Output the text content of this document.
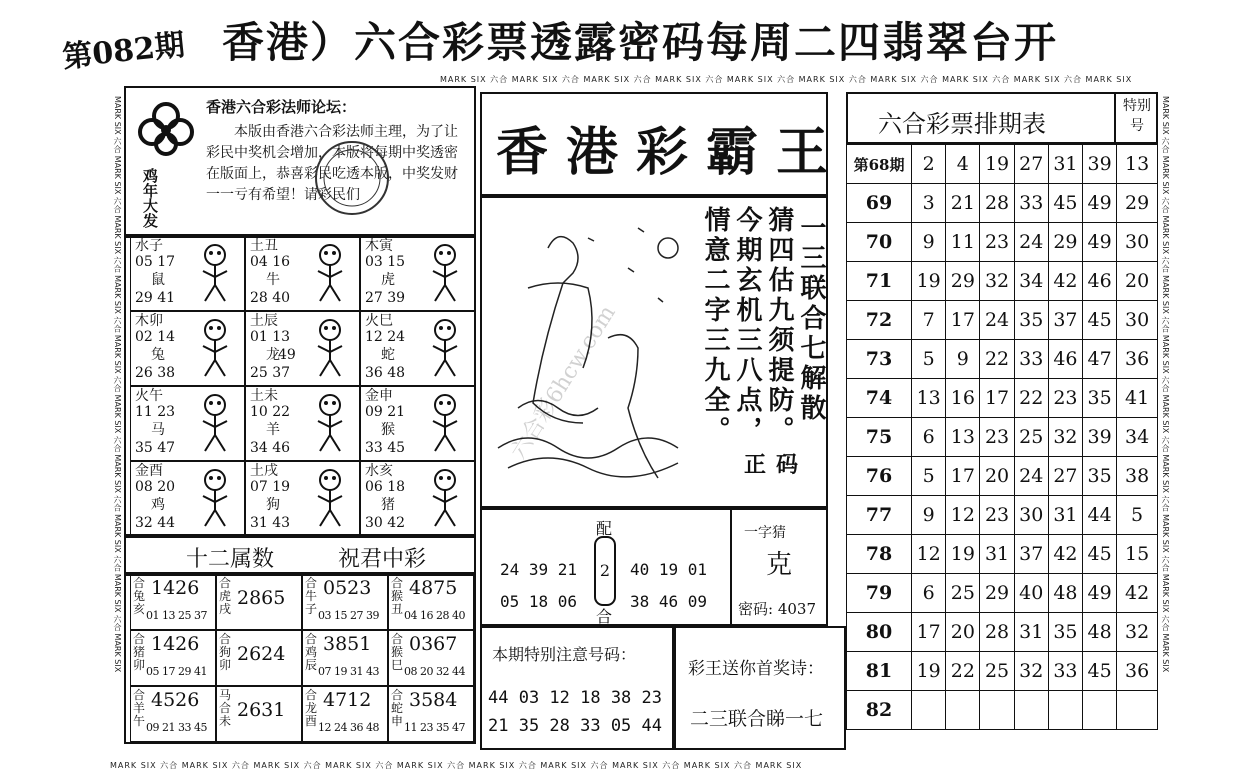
第082期 香港）六合彩票透露密码每周二四翡翠台开
MARK SIX 六合 MARK SIX 六合 MARK SIX 六合 MARK SIX 六合 MARK SIX 六合 MARK SIX 六合 MARK SIX 六合 MARK SIX 六合 MARK SIX 六合 MARK SIX
MARK SIX 六合 MARK SIX 六合 MARK SIX 六合 MARK SIX 六合 MARK SIX 六合 MARK SIX 六合 MARK SIX 六合 MARK SIX 六合 MARK SIX 六合 MARK SIX
MARK SIX 六合 MARK SIX 六合 MARK SIX 六合 MARK SIX 六合 MARK SIX 六合 MARK SIX 六合 MARK SIX 六合 MARK SIX 六合 MARK SIX 六合 MARK SIX	MARK SIX 六合 MARK SIX 六合 MARK SIX 六合 MARK SIX 六合 MARK SIX 六合 MARK SIX 六合 MARK SIX 六合 MARK SIX 六合 MARK SIX 六合 MARK SIX
鸡年大发
香港六合彩法师论坛：
本版由香港六合彩法师主理，为了让彩民中奖机会增加，本版将每期中奖透密在版面上，恭喜彩民吃透本版，中奖发财一一亏有希望！请彩民们
水子
05 17
鼠
29 41
土丑
04 16
牛
28 40
木寅
03 15
虎
27 39
木卯
02 14
兔
26 38
土辰
01 13
龙
25 37
49
火巳
12 24
蛇
36 48
火午
11 23
马
35 47
土未
10 22
羊
34 46
金申
09 21
猴
33 45
金酉
08 20
鸡
32 44
土戌
07 19
狗
31 43
水亥
06 18
猪
30 42
十二属数	祝君中彩
合兔亥
1426
01 13 25 37
合虎戌 2865
合牛子
0523
03 15 27 39
合猴丑
4875
04 16 28 40
合猪卯
1426
05 17 29 41
合狗卯 2624
合鸡辰
3851
07 19 31 43
合猴巳
0367
08 20 32 44
合羊午
4526
09 21 33 45
马合未 2631
合龙酉
4712
12 24 36 48
合蛇申
3584
11 23 35 47
香港彩霸王
情意二字三九全。 今期玄机三八点， 猜四估九须提防。 一三联合七解散
正码
六合彩6hcw.com
24 39 21
05 18 06
配
2
合
40 19 01
38 46 09
一字猜
克
密码: 4037
本期特别注意号码：
44 03 12 18 38 23
21 35 28 33 05 44
彩王送你首奖诗：
二三联合睇一七
六合彩票排期表
特别号
第68期	2	4	19	27	31	39	13
69	3	21	28	33	45	49	29
70	9	11	23	24	29	49	30
71	19	29	32	34	42	46	20
72	7	17	24	35	37	45	30
73	5	9	22	33	46	47	36
74	13	16	17	22	23	35	41
75	6	13	23	25	32	39	34
76	5	17	20	24	27	35	38
77	9	12	23	30	31	44	5
78	12	19	31	37	42	45	15
79	6	25	29	40	48	49	42
80	17	20	28	31	35	48	32
81	19	22	25	32	33	45	36
82							
